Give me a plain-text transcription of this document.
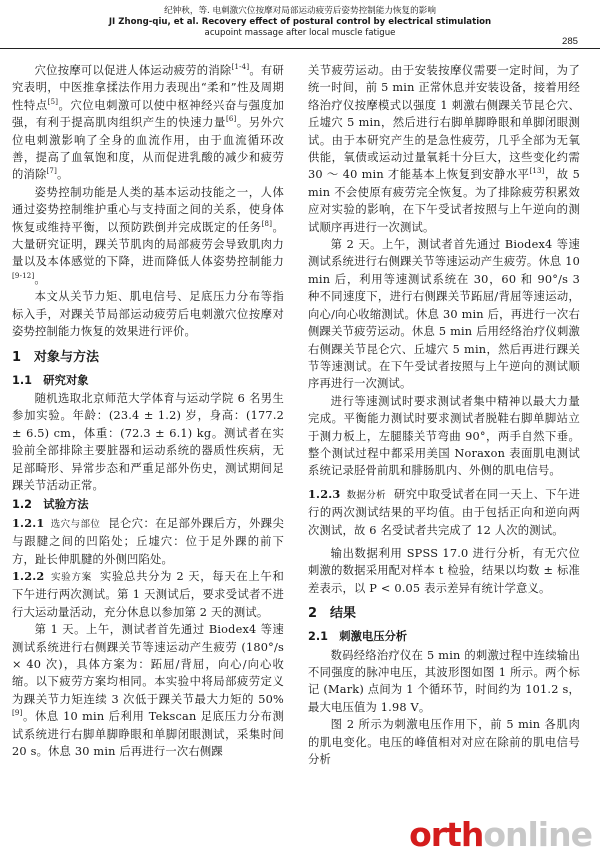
纪钟秋，等. 电刺激穴位按摩对局部运动疲劳后姿势控制能力恢复的影响
JI Zhong-qiu, et al. Recovery effect of postural control by electrical stimulation
acupoint massage after local muscle fatigue
285

穴位按摩可以促进人体运动疲劳的消除[1-4]。有研究表明，中医推拿揉法作用力表现出“柔和”性及周期性特点[5]。穴位电刺激可以使中枢神经兴奋与强度加强，有利于提高肌肉组织产生的快速力量[6]。另外穴位电刺激影响了全身的血流作用，由于血流循环改善，提高了血氧饱和度，从而促进乳酸的减少和疲劳的消除[7]。

姿势控制功能是人类的基本运动技能之一，人体通过姿势控制维护重心与支持面之间的关系，使身体恢复或维持平衡，以预防跌倒并完成既定的任务[8]。大量研究证明，踝关节肌肉的局部疲劳会导致肌肉力量以及本体感觉的下降，进而降低人体姿势控制能力[9-12]。

本文从关节力矩、肌电信号、足底压力分布等指标入手，对踝关节局部运动疲劳后电刺激穴位按摩对姿势控制能力恢复的效果进行评价。

1　对象与方法
1.1　研究对象

随机选取北京师范大学体育与运动学院 6 名男生参加实验。年龄：(23.4 ± 1.2) 岁，身高：(177.2 ± 6.5) cm，体重：(72.3 ± 6.1) kg。测试者在实验前全部排除主要脏器和运动系统的器质性疾病，无足部畸形、异常步态和严重足部外伤史，测试期间足踝关节活动正常。

1.2　试验方法

1.2.1 选穴与部位 昆仑穴：在足部外踝后方，外踝尖与跟腱之间的凹陷处；丘墟穴：位于足外踝的前下方，趾长伸肌腱的外侧凹陷处。

1.2.2 实验方案 实验总共分为 2 天，每天在上午和下午进行两次测试。第 1 天测试后，要求受试者不进行大运动量活动，充分休息以参加第 2 天的测试。

第 1 天。上午，测试者首先通过 Biodex4 等速测试系统进行右侧踝关节等速运动产生疲劳 (180°/s × 40 次)，具体方案为：跖屈/背屈，向心/向心收缩。以下疲劳方案均相同。本实验中将局部疲劳定义为踝关节力矩连续 3 次低于踝关节最大力矩的 50%[9]。休息 10 min 后利用 Tekscan 足底压力分布测试系统进行右脚单脚睁眼和单脚闭眼测试，采集时间 20 s。休息 30 min 后再进行一次右侧踝

关节疲劳运动。由于安装按摩仪需要一定时间，为了统一时间，前 5 min 正常休息并安装设备，接着用经络治疗仪按摩模式以强度 1 刺激右侧踝关节昆仑穴、丘墟穴 5 min，然后进行右脚单脚睁眼和单脚闭眼测试。由于本研究产生的是急性疲劳，几乎全部为无氧供能，氧债或运动过量氧耗十分巨大，这些变化约需 30 ～ 40 min 才能基本上恢复到安静水平[13]，故 5 min 不会使原有疲劳完全恢复。为了排除疲劳积累效应对实验的影响，在下午受试者按照与上午逆向的测试顺序再进行一次测试。

第 2 天。上午，测试者首先通过 Biodex4 等速测试系统进行右侧踝关节等速运动产生疲劳。休息 10 min 后，利用等速测试系统在 30，60 和 90°/s 3 种不同速度下，进行右侧踝关节跖屈/背屈等速运动，向心/向心收缩测试。休息 30 min 后，再进行一次右侧踝关节疲劳运动。休息 5 min 后用经络治疗仪刺激右侧踝关节昆仑穴、丘墟穴 5 min，然后再进行踝关节等速测试。在下午受试者按照与上午逆向的测试顺序再进行一次测试。

进行等速测试时要求测试者集中精神以最大力量完成。平衡能力测试时要求测试者脱鞋右脚单脚站立于测力板上，左腿膝关节弯曲 90°，两手自然下垂。整个测试过程中都采用美国 Noraxon 表面肌电测试系统记录胫骨前肌和腓肠肌内、外侧的肌电信号。

1.2.3 数据分析 研究中取受试者在同一天上、下午进行的两次测试结果的平均值。由于包括正向和逆向两次测试，故 6 名受试者共完成了 12 人次的测试。

输出数据利用 SPSS 17.0 进行分析，有无穴位刺激的数据采用配对样本 t 检验，结果以均数 ± 标准差表示，以 P < 0.05 表示差异有统计学意义。

2　结果
2.1　刺激电压分析

数码经络治疗仪在 5 min 的刺激过程中连续输出不同强度的脉冲电压，其波形图如图 1 所示。两个标记 (Mark) 点间为 1 个循环节，时间约为 101.2 s，最大电压值为 1.98 V。

图 2 所示为刺激电压作用下，前 5 min 各肌肉的肌电变化。电压的峰值相对对应在除前的肌电信号分析

orthonline
